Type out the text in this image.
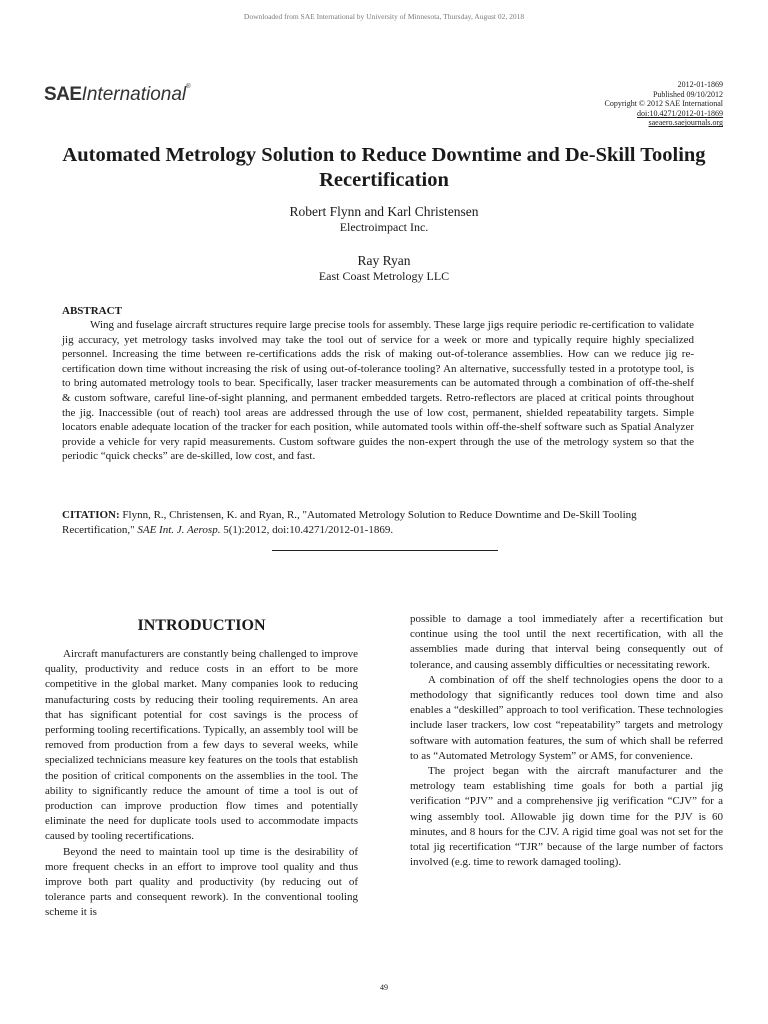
Downloaded from SAE International by University of Minnesota, Thursday, August 02, 2018
SAEInternational®	2012-01-1869
Published 09/10/2012
Copyright © 2012 SAE International
doi:10.4271/2012-01-1869
saeaero.saejournals.org
Automated Metrology Solution to Reduce Downtime and De-Skill Tooling Recertification
Robert Flynn and Karl Christensen
Electroimpact Inc.
Ray Ryan
East Coast Metrology LLC
ABSTRACT

Wing and fuselage aircraft structures require large precise tools for assembly. These large jigs require periodic re-certification to validate jig accuracy, yet metrology tasks involved may take the tool out of service for a week or more and typically require highly specialized personnel. Increasing the time between re-certifications adds the risk of making out-of-tolerance assemblies. How can we reduce jig re-certification down time without increasing the risk of using out-of-tolerance tooling? An alternative, successfully tested in a prototype tool, is to bring automated metrology tools to bear. Specifically, laser tracker measurements can be automated through a combination of off-the-shelf & custom software, careful line-of-sight planning, and permanent embedded targets. Retro-reflectors are placed at critical points throughout the jig. Inaccessible (out of reach) tool areas are addressed through the use of low cost, permanent, shielded repeatability targets. Simple locators enable adequate location of the tracker for each position, while automated tools within off-the-shelf software such as Spatial Analyzer provide a vehicle for very rapid measurements. Custom software guides the non-expert through the use of the metrology system so that the periodic “quick checks” are de-skilled, low cost, and fast.

CITATION: Flynn, R., Christensen, K. and Ryan, R., "Automated Metrology Solution to Reduce Downtime and De-Skill Tooling Recertification," SAE Int. J. Aerosp. 5(1):2012, doi:10.4271/2012-01-1869.
INTRODUCTION

Aircraft manufacturers are constantly being challenged to improve quality, productivity and reduce costs in an effort to be more competitive in the global market. Many companies look to reducing manufacturing costs by reducing their tooling requirements. An area that has significant potential for cost savings is the process of performing tooling recertifications. Typically, an assembly tool will be removed from production from a few days to several weeks, while specialized technicians measure key features on the tools that establish the position of critical components on the assemblies in the tool. The ability to significantly reduce the amount of time a tool is out of production can improve production flow times and potentially eliminate the need for duplicate tools used to accommodate impacts caused by tooling recertifications.

Beyond the need to maintain tool up time is the desirability of more frequent checks in an effort to improve tool quality and thus improve both part quality and productivity (by reducing out of tolerance parts and consequent rework). In the conventional tooling scheme it is

possible to damage a tool immediately after a recertification but continue using the tool until the next recertification, with all the assemblies made during that interval being consequently out of tolerance, and causing assembly difficulties or necessitating rework.

A combination of off the shelf technologies opens the door to a methodology that significantly reduces tool down time and also enables a “deskilled” approach to tool verification. These technologies include laser trackers, low cost “repeatability” targets and metrology software with automation features, the sum of which shall be referred to as “Automated Metrology System” or AMS, for convenience.

The project began with the aircraft manufacturer and the metrology team establishing time goals for both a partial jig verification “PJV” and a comprehensive jig verification “CJV” for a wing assembly tool. Allowable jig down time for the PJV is 60 minutes, and 8 hours for the CJV. A rigid time goal was not set for the total jig recertification “TJR” because of the large number of factors involved (e.g. time to rework damaged tooling).

49
